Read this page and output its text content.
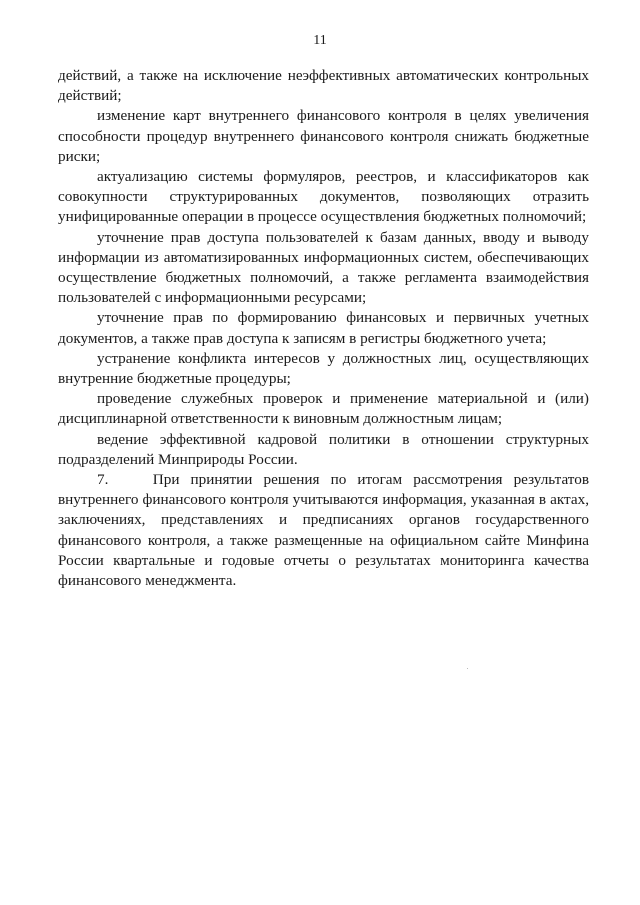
11

действий, а также на исключение неэффективных автоматических контрольных действий;

изменение карт внутреннего финансового контроля в целях увеличения способности процедур внутреннего финансового контроля снижать бюджетные риски;

актуализацию системы формуляров, реестров, и классификаторов как совокупности структурированных документов, позволяющих отразить унифицированные операции в процессе осуществления бюджетных полномочий;

уточнение прав доступа пользователей к базам данных, вводу и выводу информации из автоматизированных информационных систем, обеспечивающих осуществление бюджетных полномочий, а также регламента взаимодействия пользователей с информационными ресурсами;

уточнение прав по формированию финансовых и первичных учетных документов, а также прав доступа к записям в регистры бюджетного учета;

устранение конфликта интересов у должностных лиц, осуществляющих внутренние бюджетные процедуры;

проведение служебных проверок и применение материальной и (или) дисциплинарной ответственности к виновным должностным лицам;

ведение эффективной кадровой политики в отношении структурных подразделений Минприроды России.

7.    При принятии решения по итогам рассмотрения результатов внутреннего финансового контроля учитываются информация, указанная в актах, заключениях, представлениях и предписаниях органов государственного финансового контроля, а также размещенные на официальном сайте Минфина России квартальные и годовые отчеты о результатах мониторинга качества финансового менеджмента.
